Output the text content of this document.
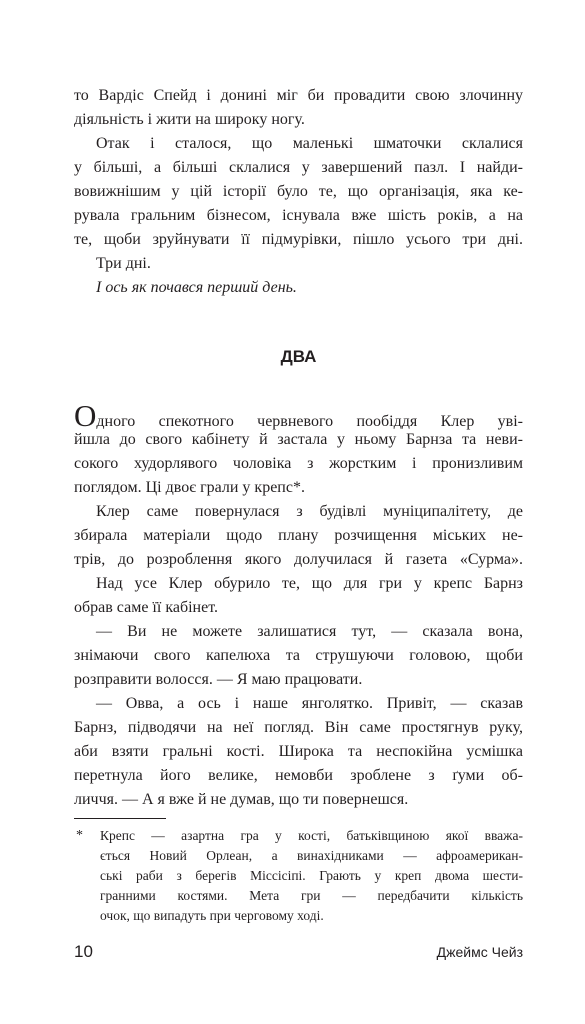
то Вардіс Спейд і донині міг би провадити свою злочинну
діяльність і жити на широку ногу.
Отак і сталося, що маленькі шматочки склалися
у більші, а більші склалися у завершений пазл. І найди-
вовижнішим у цій історії було те, що організація, яка ке-
рувала гральним бізнесом, існувала вже шість років, а на
те, щоби зруйнувати її підмурівки, пішло усього три дні.
Три дні.
І ось як почався перший день.
ДВА
Одного спекотного червневого пообіддя Клер уві-
йшла до свого кабінету й застала у ньому Барнза та неви-
сокого худорлявого чоловіка з жорстким і пронизливим
поглядом. Ці двоє грали у крепс*.
Клер саме повернулася з будівлі муніципалітету, де
збирала матеріали щодо плану розчищення міських не-
трів, до розроблення якого долучилася й газета «Сурма».
Над усе Клер обурило те, що для гри у крепс Барнз
обрав саме її кабінет.
— Ви не можете залишатися тут, — сказала вона,
знімаючи свого капелюха та струшуючи головою, щоби
розправити волосся. — Я маю працювати.
— Овва, а ось і наше янголятко. Привіт, — сказав
Барнз, підводячи на неї погляд. Він саме простягнув руку,
аби взяти гральні кості. Широка та неспокійна усмішка
перетнула його велике, немовби зроблене з ґуми об-
личчя. — А я вже й не думав, що ти повернешся.
* Крепс — азартна гра у кості, батьківщиною якої вважа-
ється Новий Орлеан, а винахідниками — афроамерикан-
ські раби з берегів Міссісіпі. Грають у креп двома шести-
гранними костями. Мета гри — передбачити кількість
очок, що випадуть при черговому ході.
10	Джеймс Чейз
